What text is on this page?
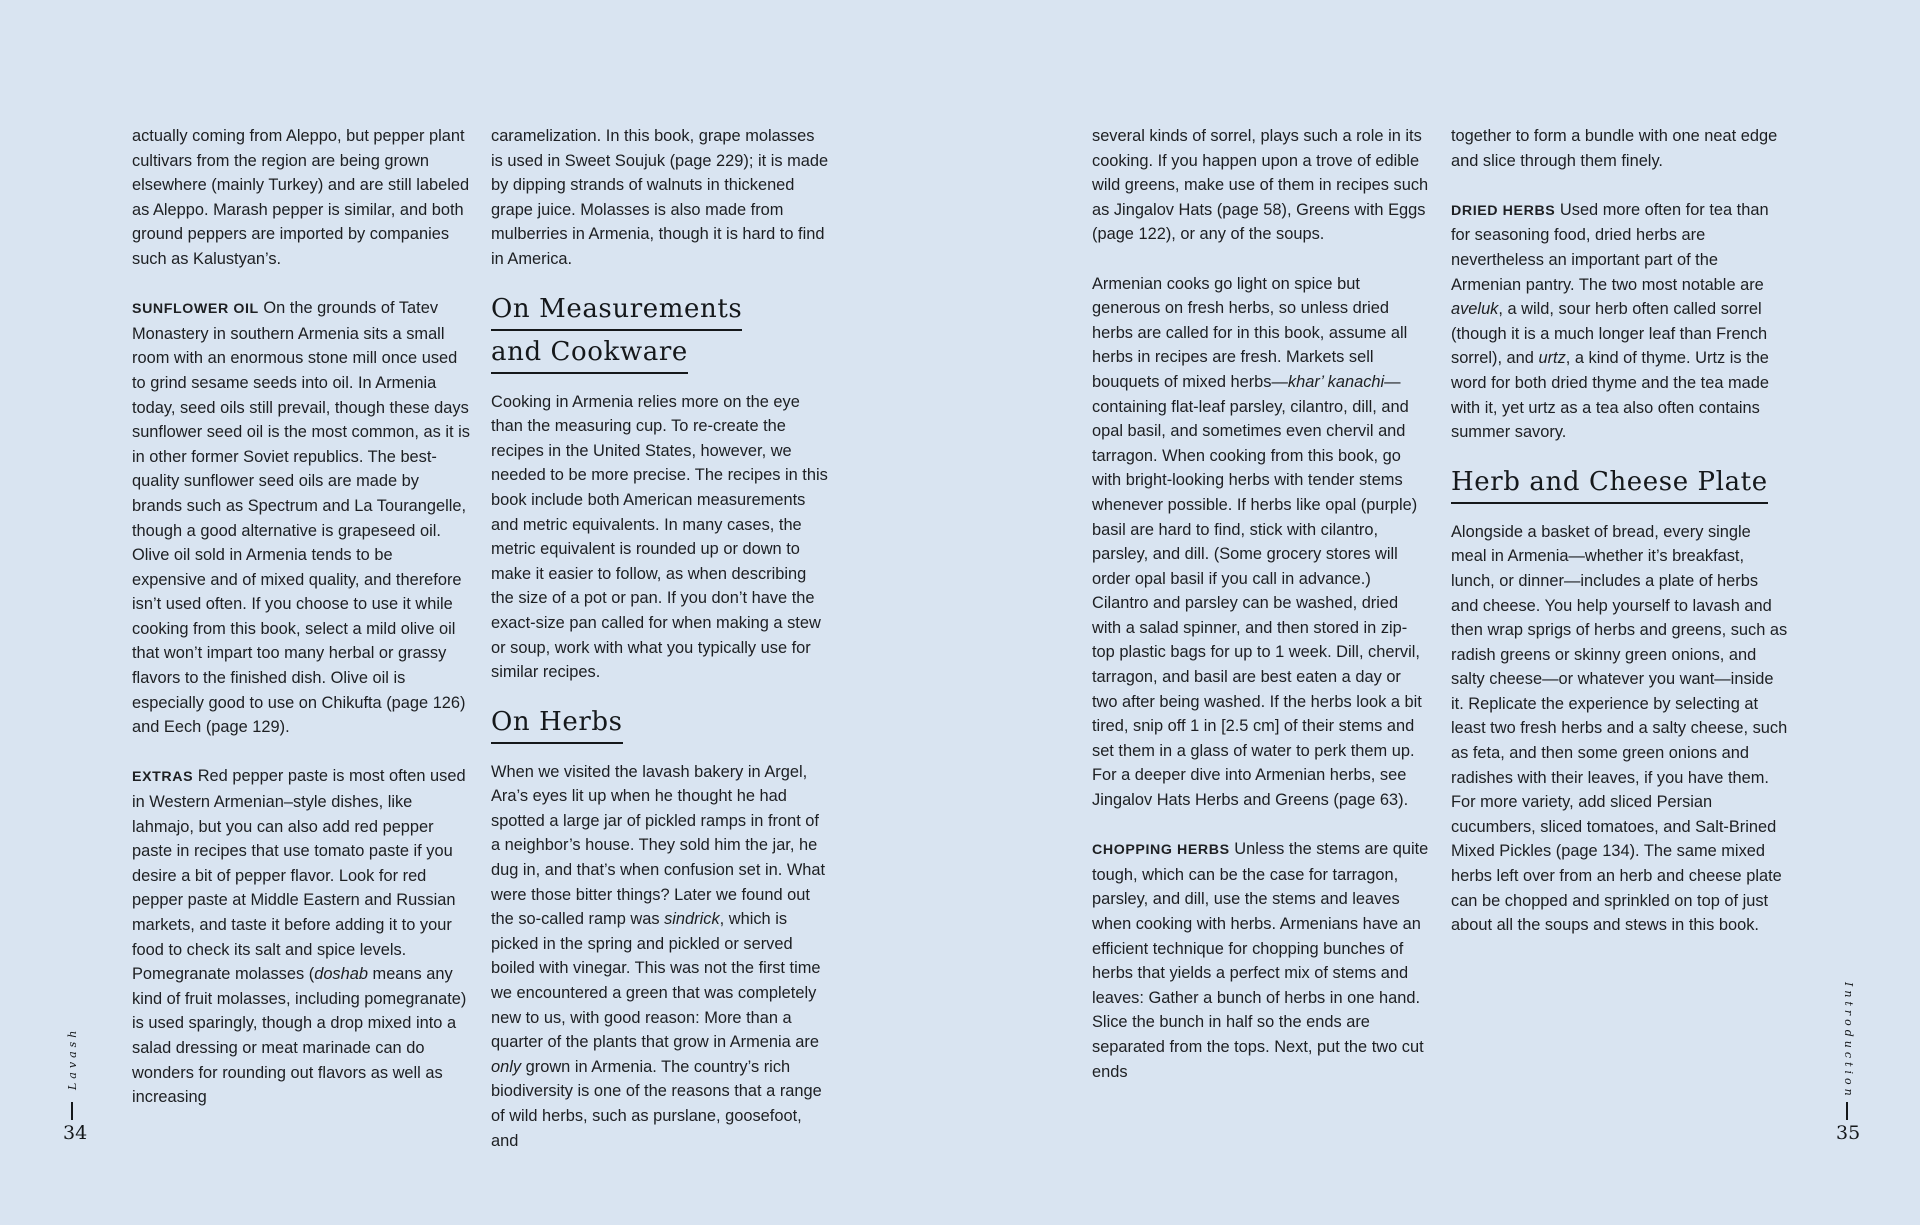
actually coming from Aleppo, but pepper plant cultivars from the region are being grown elsewhere (mainly Turkey) and are still labeled as Aleppo. Marash pepper is similar, and both ground peppers are imported by companies such as Kalustyan’s.

SUNFLOWER OIL On the grounds of Tatev Monastery in southern Armenia sits a small room with an enormous stone mill once used to grind sesame seeds into oil. In Armenia today, seed oils still prevail, though these days sunflower seed oil is the most common, as it is in other former Soviet republics. The best-quality sunflower seed oils are made by brands such as Spectrum and La Tourangelle, though a good alternative is grapeseed oil. Olive oil sold in Armenia tends to be expensive and of mixed quality, and therefore isn’t used often. If you choose to use it while cooking from this book, select a mild olive oil that won’t impart too many herbal or grassy flavors to the finished dish. Olive oil is especially good to use on Chikufta (page 126) and Eech (page 129).

EXTRAS Red pepper paste is most often used in Western Armenian–style dishes, like lahmajo, but you can also add red pepper paste in recipes that use tomato paste if you desire a bit of pepper flavor. Look for red pepper paste at Middle Eastern and Russian markets, and taste it before adding it to your food to check its salt and spice levels. Pomegranate molasses (doshab means any kind of fruit molasses, including pomegranate) is used sparingly, though a drop mixed into a salad dressing or meat marinade can do wonders for rounding out flavors as well as increasing

caramelization. In this book, grape molasses is used in Sweet Soujuk (page 229); it is made by dipping strands of walnuts in thickened grape juice. Molasses is also made from mulberries in Armenia, though it is hard to find in America.

On Measurements
and Cookware

Cooking in Armenia relies more on the eye than the measuring cup. To re-create the recipes in the United States, however, we needed to be more precise. The recipes in this book include both American measurements and metric equivalents. In many cases, the metric equivalent is rounded up or down to make it easier to follow, as when describing the size of a pot or pan. If you don’t have the exact-size pan called for when making a stew or soup, work with what you typically use for similar recipes.

On Herbs

When we visited the lavash bakery in Argel, Ara’s eyes lit up when he thought he had spotted a large jar of pickled ramps in front of a neighbor’s house. They sold him the jar, he dug in, and that’s when confusion set in. What were those bitter things? Later we found out the so-called ramp was sindrick, which is picked in the spring and pickled or served boiled with vinegar. This was not the first time we encountered a green that was completely new to us, with good reason: More than a quarter of the plants that grow in Armenia are only grown in Armenia. The country’s rich biodiversity is one of the reasons that a range of wild herbs, such as purslane, goosefoot, and

Lavash
34

several kinds of sorrel, plays such a role in its cooking. If you happen upon a trove of edible wild greens, make use of them in recipes such as Jingalov Hats (page 58), Greens with Eggs (page 122), or any of the soups.

Armenian cooks go light on spice but generous on fresh herbs, so unless dried herbs are called for in this book, assume all herbs in recipes are fresh. Markets sell bouquets of mixed herbs—khar’ kanachi—containing flat-leaf parsley, cilantro, dill, and opal basil, and sometimes even chervil and tarragon. When cooking from this book, go with bright-looking herbs with tender stems whenever possible. If herbs like opal (purple) basil are hard to find, stick with cilantro, parsley, and dill. (Some grocery stores will order opal basil if you call in advance.) Cilantro and parsley can be washed, dried with a salad spinner, and then stored in zip-top plastic bags for up to 1 week. Dill, chervil, tarragon, and basil are best eaten a day or two after being washed. If the herbs look a bit tired, snip off 1 in [2.5 cm] of their stems and set them in a glass of water to perk them up. For a deeper dive into Armenian herbs, see Jingalov Hats Herbs and Greens (page 63).

CHOPPING HERBS Unless the stems are quite tough, which can be the case for tarragon, parsley, and dill, use the stems and leaves when cooking with herbs. Armenians have an efficient technique for chopping bunches of herbs that yields a perfect mix of stems and leaves: Gather a bunch of herbs in one hand. Slice the bunch in half so the ends are separated from the tops. Next, put the two cut ends

together to form a bundle with one neat edge and slice through them finely.

DRIED HERBS Used more often for tea than for seasoning food, dried herbs are nevertheless an important part of the Armenian pantry. The two most notable are aveluk, a wild, sour herb often called sorrel (though it is a much longer leaf than French sorrel), and urtz, a kind of thyme. Urtz is the word for both dried thyme and the tea made with it, yet urtz as a tea also often contains summer savory.

Herb and Cheese Plate

Alongside a basket of bread, every single meal in Armenia—whether it’s breakfast, lunch, or dinner—includes a plate of herbs and cheese. You help yourself to lavash and then wrap sprigs of herbs and greens, such as radish greens or skinny green onions, and salty cheese—or whatever you want—inside it. Replicate the experience by selecting at least two fresh herbs and a salty cheese, such as feta, and then some green onions and radishes with their leaves, if you have them. For more variety, add sliced Persian cucumbers, sliced tomatoes, and Salt-Brined Mixed Pickles (page 134). The same mixed herbs left over from an herb and cheese plate can be chopped and sprinkled on top of just about all the soups and stews in this book.

Introduction
35
